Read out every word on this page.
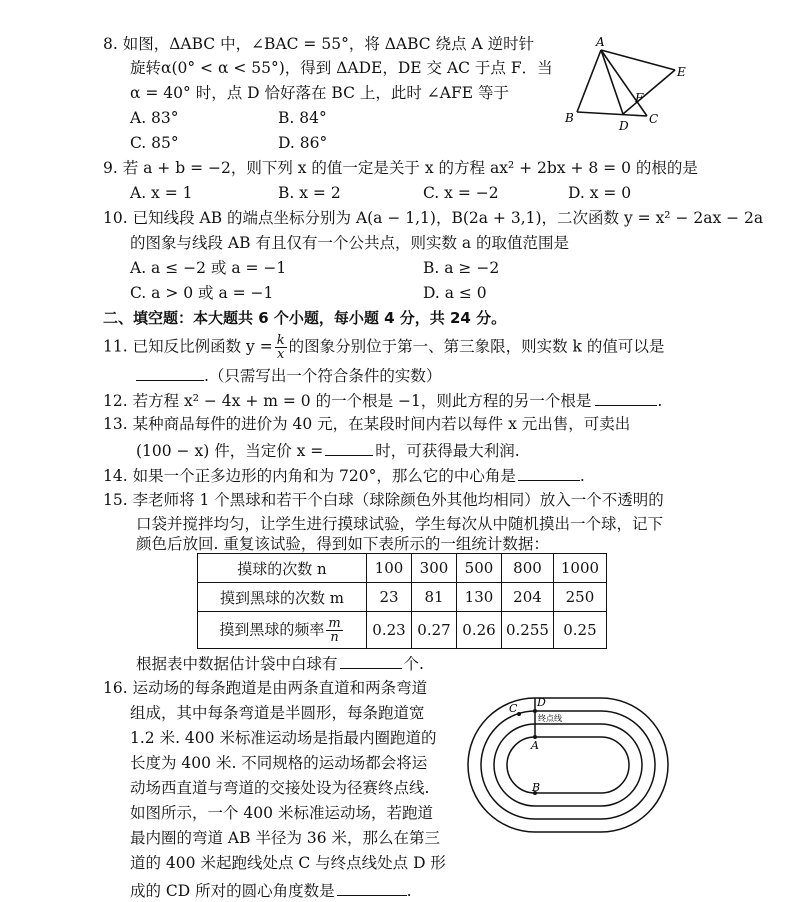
8. 如图，ΔABC 中，∠BAC = 55°，将 ΔABC 绕点 A 逆时针
旋转α(0° < α < 55°)，得到 ΔADE，DE 交 AC 于点 F．当
α = 40° 时，点 D 恰好落在 BC 上，此时 ∠AFE 等于
A. 83°	B. 84°
C. 85°	D. 86°
A
B	C
D
E
F
9. 若 a + b = −2，则下列 x 的值一定是关于 x 的方程 ax² + 2bx + 8 = 0 的根的是
A. x = 1	B. x = 2	C. x = −2	D. x = 0
10. 已知线段 AB 的端点坐标分别为 A(a − 1,1)，B(2a + 3,1)，二次函数 y = x² − 2ax − 2a
的图象与线段 AB 有且仅有一个公共点，则实数 a 的取值范围是
A. a ≤ −2 或 a = −1	B. a ≥ −2
C. a > 0 或 a = −1	D. a ≤ 0
二、填空题：本大题共 6 个小题，每小题 4 分，共 24 分。
11. 已知反比例函数 $y = \frac{k}{x}$ 的图象分别位于第一、第三象限，则实数 k 的值可以是
.（只需写出一个符合条件的实数）
12. 若方程 x² − 4x + m = 0 的一个根是 −1，则此方程的另一个根是	.
13. 某种商品每件的进价为 40 元，在某段时间内若以每件 x 元出售，可卖出
(100 − x) 件，当定价 x =	时，可获得最大利润.
14. 如果一个正多边形的内角和为 720°，那么它的中心角是	.
15. 李老师将 1 个黑球和若干个白球（球除颜色外其他均相同）放入一个不透明的
口袋并搅拌均匀，让学生进行摸球试验，学生每次从中随机摸出一个球，记下
颜色后放回. 重复该试验，得到如下表所示的一组统计数据：
摸球的次数 n	100	300	500	800	1000
摸到黑球的次数 m	23	81	130	204	250
摸到黑球的频率 $\frac{m}{n}$	0.23	0.27	0.26	0.255	0.25
根据表中数据估计袋中白球有	个.
16. 运动场的每条跑道是由两条直道和两条弯道
组成，其中每条弯道是半圆形，每条跑道宽
1.2 米. 400 米标准运动场是指最内圈跑道的
长度为 400 米. 不同规格的运动场都会将运
动场西直道与弯道的交接处设为径赛终点线.
如图所示，一个 400 米标准运动场，若跑道
最内圈的弯道 AB 半径为 36 米，那么在第三
道的 400 米起跑线处点 C 与终点线处点 D 形
成的 CD 所对的圆心角度数是	.
C D
终点线
A
B
